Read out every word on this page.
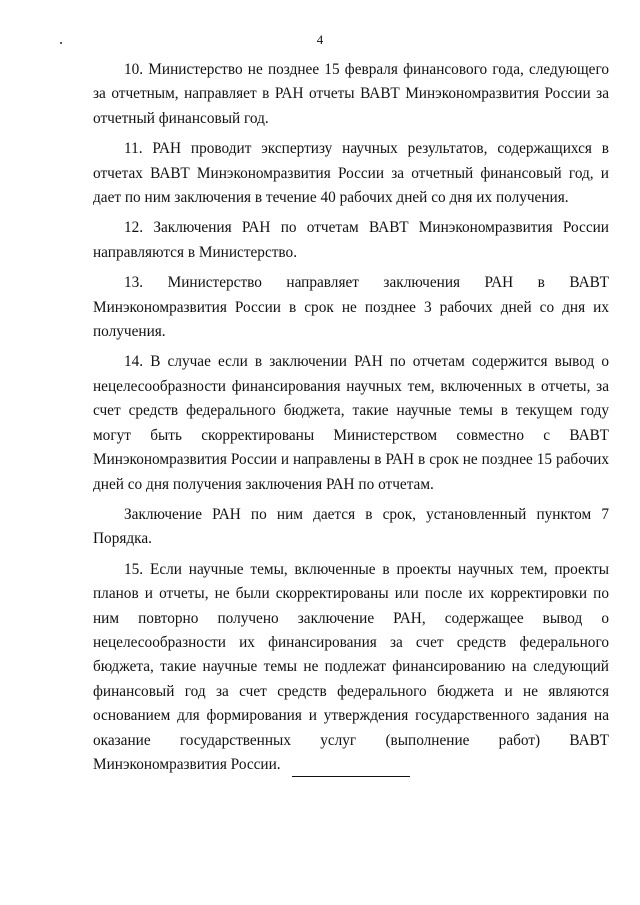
4

10. Министерство не позднее 15 февраля финансового года, следующего за отчетным, направляет в РАН отчеты ВАВТ Минэкономразвития России за отчетный финансовый год.

11. РАН проводит экспертизу научных результатов, содержащихся в отчетах ВАВТ Минэкономразвития России за отчетный финансовый год, и дает по ним заключения в течение 40 рабочих дней со дня их получения.

12. Заключения РАН по отчетам ВАВТ Минэкономразвития России направляются в Министерство.

13. Министерство направляет заключения РАН в ВАВТ Минэкономразвития России в срок не позднее 3 рабочих дней со дня их получения.

14. В случае если в заключении РАН по отчетам содержится вывод о нецелесообразности финансирования научных тем, включенных в отчеты, за счет средств федерального бюджета, такие научные темы в текущем году могут быть скорректированы Министерством совместно с ВАВТ Минэкономразвития России и направлены в РАН в срок не позднее 15 рабочих дней со дня получения заключения РАН по отчетам.

Заключение РАН по ним дается в срок, установленный пунктом 7 Порядка.

15. Если научные темы, включенные в проекты научных тем, проекты планов и отчеты, не были скорректированы или после их корректировки по ним повторно получено заключение РАН, содержащее вывод о нецелесообразности их финансирования за счет средств федерального бюджета, такие научные темы не подлежат финансированию на следующий финансовый год за счет средств федерального бюджета и не являются основанием для формирования и утверждения государственного задания на оказание государственных услуг (выполнение работ) ВАВТ Минэкономразвития России.
